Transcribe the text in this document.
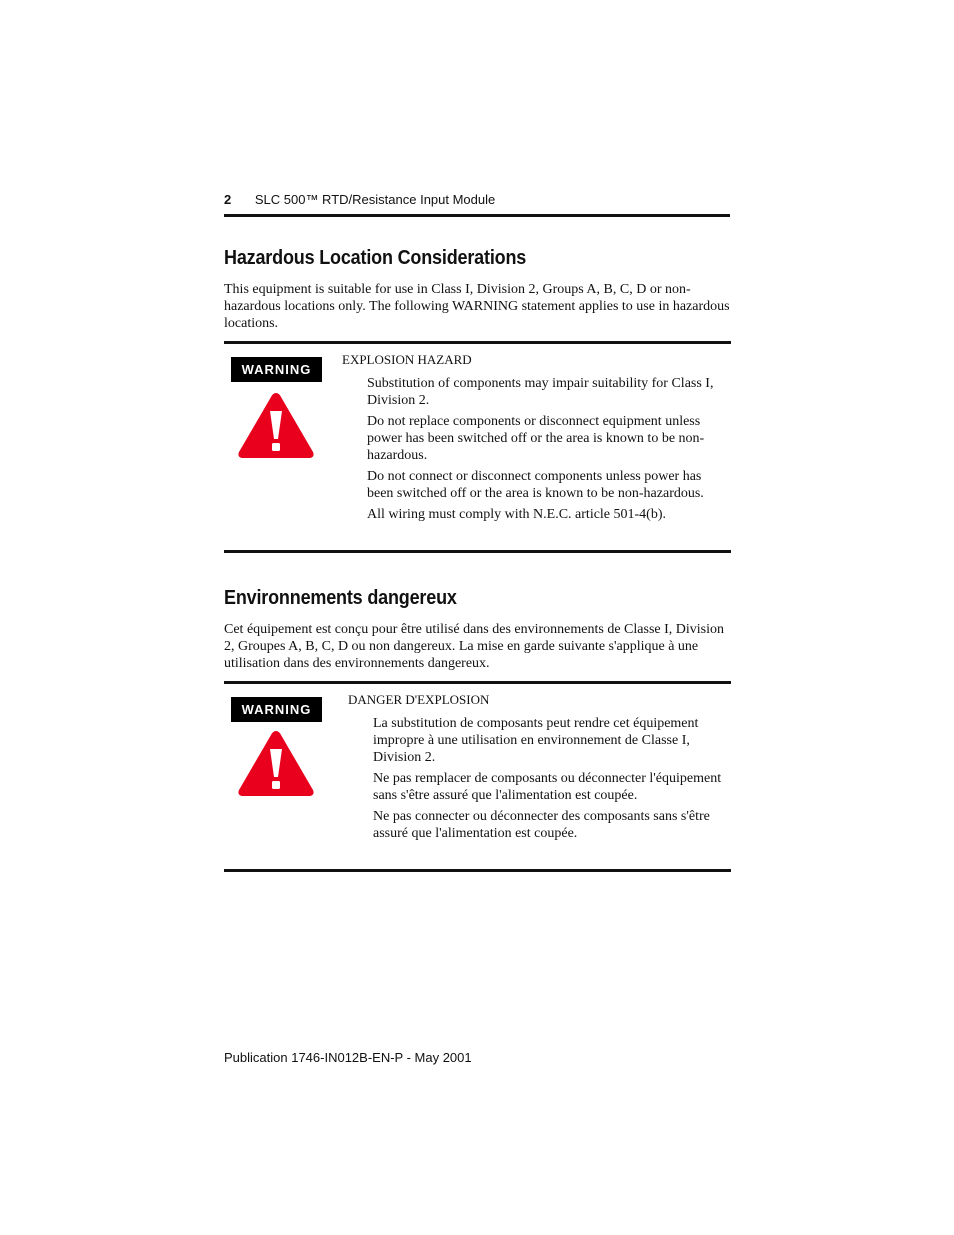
2 SLC 500™ RTD/Resistance Input Module
Hazardous Location Considerations
This equipment is suitable for use in Class I, Division 2, Groups A, B, C, D or non-hazardous locations only. The following WARNING statement applies to use in hazardous locations.
WARNING
EXPLOSION HAZARD

Substitution of components may impair suitability for Class I, Division 2.

Do not replace components or disconnect equipment unless power has been switched off or the area is known to be non-hazardous.

Do not connect or disconnect components unless power has been switched off or the area is known to be non-hazardous.

All wiring must comply with N.E.C. article 501-4(b).

Environnements dangereux
Cet équipement est conçu pour être utilisé dans des environnements de Classe I, Division 2, Groupes A, B, C, D ou non dangereux. La mise en garde suivante s'applique à une utilisation dans des environnements dangereux.
WARNING
DANGER D'EXPLOSION

La substitution de composants peut rendre cet équipement impropre à une utilisation en environnement de Classe I, Division 2.

Ne pas remplacer de composants ou déconnecter l'équipement sans s'être assuré que l'alimentation est coupée.

Ne pas connecter ou déconnecter des composants sans s'être assuré que l'alimentation est coupée.

Publication 1746-IN012B-EN-P - May 2001
